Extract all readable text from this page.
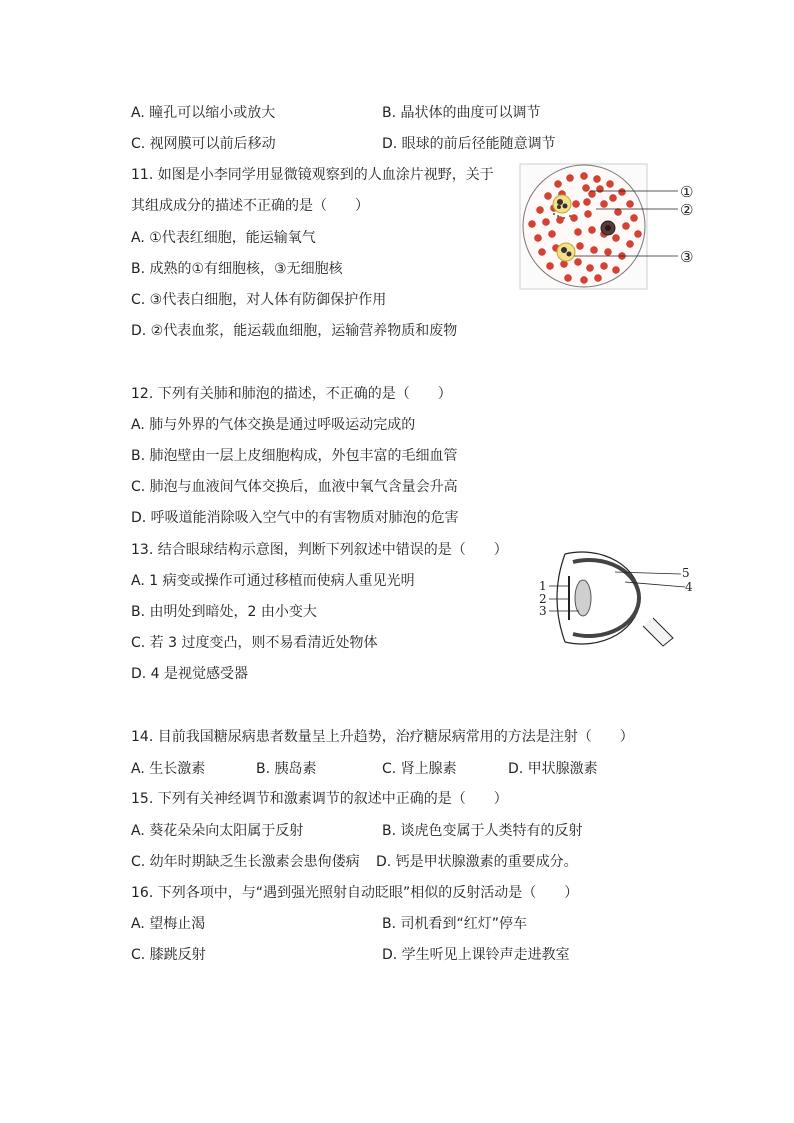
A. 瞳孔可以缩小或放大	B. 晶状体的曲度可以调节
C. 视网膜可以前后移动	D. 眼球的前后径能随意调节
11. 如图是小李同学用显微镜观察到的人血涂片视野，关于
其组成成分的描述不正确的是（　　）
A. ①代表红细胞，能运输氧气
B. 成熟的①有细胞核，③无细胞核
C. ③代表白细胞，对人体有防御保护作用
D. ②代表血浆，能运载血细胞，运输营养物质和废物
①
②
③
12. 下列有关肺和肺泡的描述，不正确的是（　　）
A. 肺与外界的气体交换是通过呼吸运动完成的
B. 肺泡壁由一层上皮细胞构成，外包丰富的毛细血管
C. 肺泡与血液间气体交换后，血液中氧气含量会升高
D. 呼吸道能消除吸入空气中的有害物质对肺泡的危害
13. 结合眼球结构示意图，判断下列叙述中错误的是（　　）
A. 1 病变或操作可通过移植而使病人重见光明
B. 由明处到暗处，2 由小变大
C. 若 3 过度变凸，则不易看清近处物体
D. 4 是视觉感受器
1
2
3
4
5
14. 目前我国糖尿病患者数量呈上升趋势，治疗糖尿病常用的方法是注射（　　）
A. 生长激素	B. 胰岛素	C. 肾上腺素	D. 甲状腺激素
15. 下列有关神经调节和激素调节的叙述中正确的是（　　）
A. 葵花朵朵向太阳属于反射	B. 谈虎色变属于人类特有的反射
C. 幼年时期缺乏生长激素会患佝偻病 D. 钙是甲状腺激素的重要成分。
16. 下列各项中，与“遇到强光照射自动眨眼”相似的反射活动是（　　）
A. 望梅止渴	B. 司机看到“红灯”停车
C. 膝跳反射	D. 学生听见上课铃声走进教室
